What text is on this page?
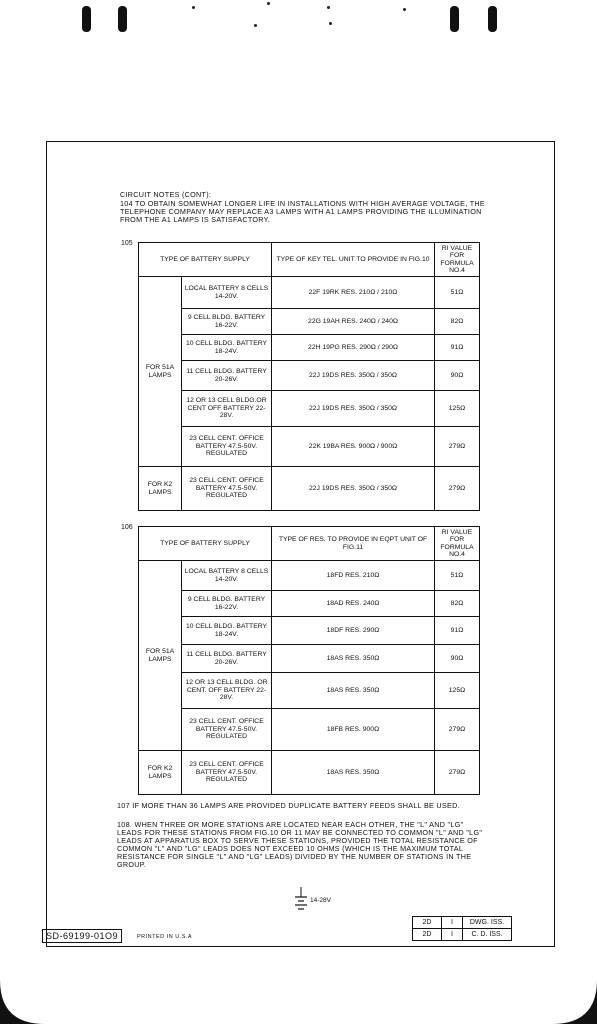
CIRCUIT NOTES (CONT):
104 TO OBTAIN SOMEWHAT LONGER LIFE IN INSTALLATIONS WITH HIGH AVERAGE VOLTAGE, THE TELEPHONE COMPANY MAY REPLACE A3 LAMPS WITH A1 LAMPS PROVIDING THE ILLUMINATION FROM THE A1 LAMPS IS SATISFACTORY.
105
TYPE OF BATTERY SUPPLY		TYPE OF KEY TEL. UNIT TO PROVIDE IN FIG.10	RI VALUE FOR FORMULA NO.4
FOR 51A LAMPS	LOCAL BATTERY 8 CELLS 14-20V.	22F 19RK RES. 210Ω / 210Ω	51Ω
	9 CELL BLDG. BATTERY 16-22V.	22G 19AH RES. 240Ω / 240Ω	82Ω
	10 CELL BLDG. BATTERY 18-24V.	22H 19PG RES. 290Ω / 290Ω	91Ω
	11 CELL BLDG. BATTERY 20-26V.	22J 19DS RES. 350Ω / 350Ω	90Ω
	12 OR 13 CELL BLDG.OR CENT OFF BATTERY 22-28V.	22J 19DS RES. 350Ω / 350Ω	125Ω
	23 CELL CENT. OFFICE BATTERY 47.5-50V. REGULATED	22K 19BA RES. 900Ω / 900Ω	279Ω
FOR K2 LAMPS	23 CELL CENT. OFFICE BATTERY 47.5-50V. REGULATED	22J 19DS RES. 350Ω / 350Ω	279Ω
106
TYPE OF BATTERY SUPPLY		TYPE OF RES. TO PROVIDE IN EQPT UNIT OF FIG.11	RI VALUE FOR FORMULA NO.4
FOR 51A LAMPS	LOCAL BATTERY 8 CELLS 14-20V.	18FD RES. 210Ω	51Ω
	9 CELL BLDG. BATTERY 16-22V.	18AD RES. 240Ω	82Ω
	10 CELL BLDG. BATTERY 18-24V.	18DF RES. 290Ω	91Ω
	11 CELL BLDG. BATTERY 20-26V.	18AS RES. 350Ω	90Ω
	12 OR 13 CELL BLDG. OR CENT. OFF BATTERY 22-28V.	18AS RES. 350Ω	125Ω
	23 CELL CENT. OFFICE BATTERY 47.5-50V. REGULATED	18FB RES. 900Ω	279Ω
FOR K2 LAMPS	23 CELL CENT. OFFICE BATTERY 47.5-50V. REGULATED	18AS RES. 350Ω	279Ω
107 IF MORE THAN 36 LAMPS ARE PROVIDED DUPLICATE BATTERY FEEDS SHALL BE USED.
108. WHEN THREE OR MORE STATIONS ARE LOCATED NEAR EACH OTHER, THE "L" AND "LG" LEADS FOR THESE STATIONS FROM FIG.10 OR 11 MAY BE CONNECTED TO COMMON "L" AND "LG" LEADS AT APPARATUS BOX TO SERVE THESE STATIONS, PROVIDED THE TOTAL RESISTANCE OF COMMON "L" AND "LG" LEADS DOES NOT EXCEED 10 OHMS (WHICH IS THE MAXIMUM TOTAL RESISTANCE FOR SINGLE "L" AND "LG" LEADS) DIVIDED BY THE NUMBER OF STATIONS IN THE GROUP.
14-28V
SD-69199-01O9	PRINTED IN U.S.A
2D	I	DWG. ISS.
2D	I	C. D. ISS.
